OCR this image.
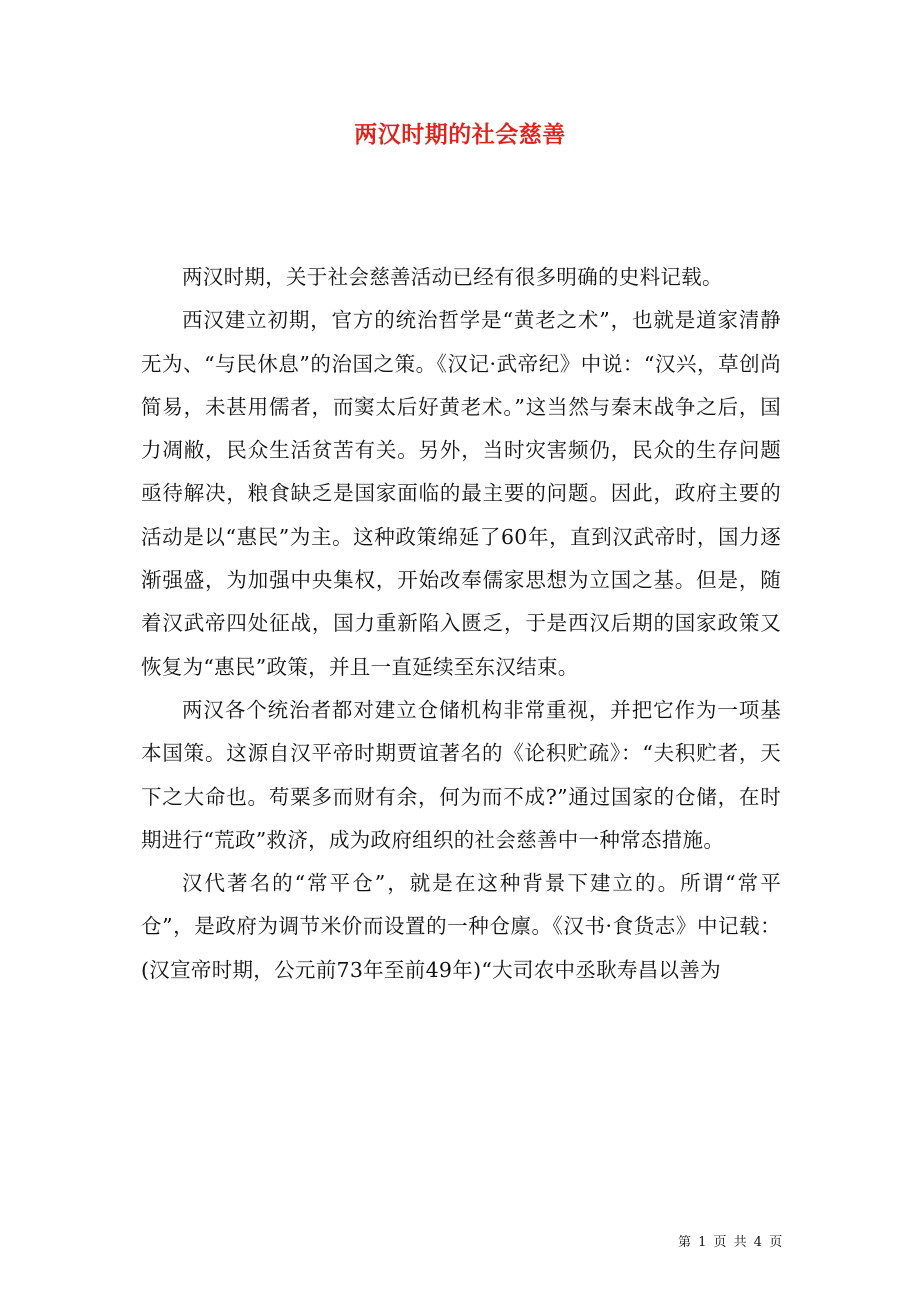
两汉时期的社会慈善

两汉时期，关于社会慈善活动已经有很多明确的史料记载。

西汉建立初期，官方的统治哲学是“黄老之术”，也就是道家清静无为、“与民休息”的治国之策。《汉记·武帝纪》中说：“汉兴，草创尚简易，未甚用儒者，而窦太后好黄老术。”这当然与秦末战争之后，国力凋敝，民众生活贫苦有关。另外，当时灾害频仍，民众的生存问题亟待解决，粮食缺乏是国家面临的最主要的问题。因此，政府主要的活动是以“惠民”为主。这种政策绵延了60年，直到汉武帝时，国力逐渐强盛，为加强中央集权，开始改奉儒家思想为立国之基。但是，随着汉武帝四处征战，国力重新陷入匮乏，于是西汉后期的国家政策又恢复为“惠民”政策，并且一直延续至东汉结束。

两汉各个统治者都对建立仓储机构非常重视，并把它作为一项基本国策。这源自汉平帝时期贾谊著名的《论积贮疏》：“夫积贮者，天下之大命也。苟粟多而财有余，何为而不成?”通过国家的仓储，在时期进行“荒政”救济，成为政府组织的社会慈善中一种常态措施。

汉代著名的“常平仓”，就是在这种背景下建立的。所谓“常平仓”，是政府为调节米价而设置的一种仓廪。《汉书·食货志》中记载：(汉宣帝时期，公元前73年至前49年)“大司农中丞耿寿昌以善为

第 1 页 共 4 页
